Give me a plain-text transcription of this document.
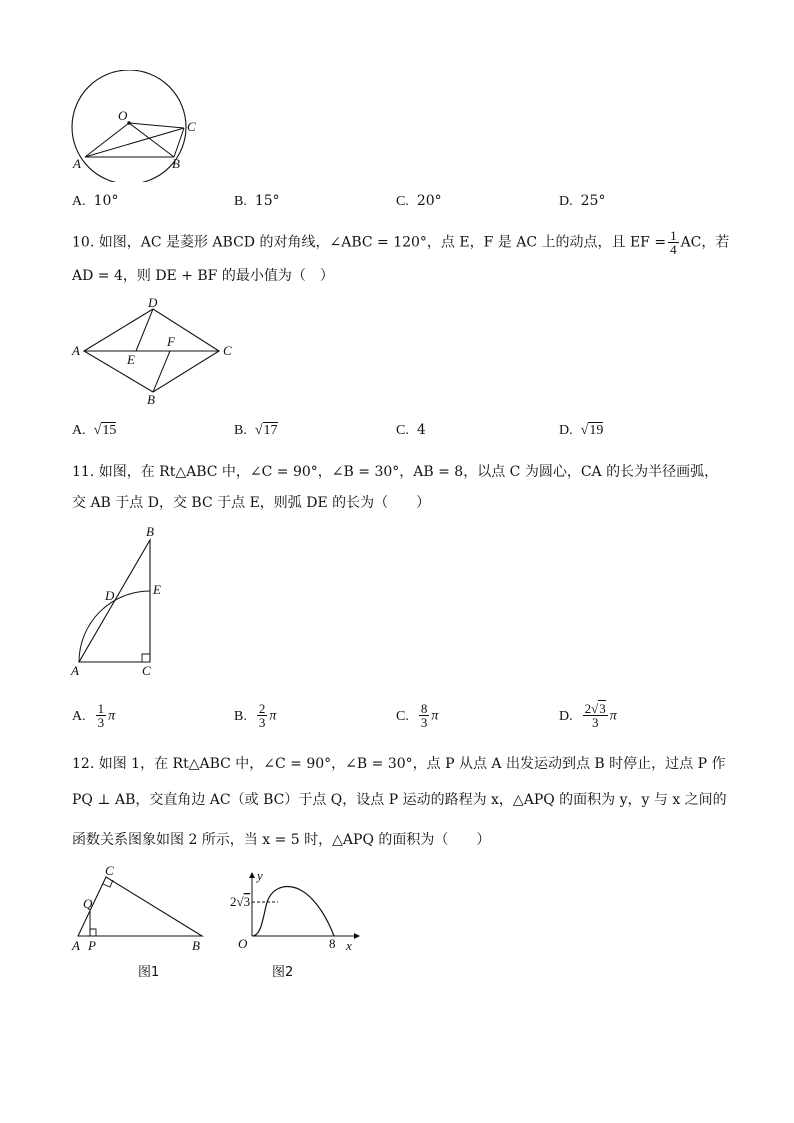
O
C
A	B
A. 10°	B. 15°	C. 20°	D. 25°
10. 如图，AC 是菱形 ABCD 的对角线，∠ABC = 120°，点 E，F 是 AC 上的动点，且 EF = $\frac{1}{4}$ AC，若
AD = 4，则 DE + BF 的最小值为（　）
D
A	C
B
E
F
A. √15	B. √17	C. 4	D. √19
11. 如图，在 Rt△ABC 中，∠C = 90°，∠B = 30°，AB = 8，以点 C 为圆心，CA 的长为半径画弧，
交 AB 于点 D，交 BC 于点 E，则弧 DE 的长为（　　）
B
E
D
A	C
A. $\frac{1}{3}$ π	B. $\frac{2}{3}$ π	C. $\frac{8}{3}$ π	D. $\frac{2√3}{3}$ π
12. 如图 1，在 Rt△ABC 中，∠C = 90°，∠B = 30°，点 P 从点 A 出发运动到点 B 时停止，过点 P 作
PQ ⊥ AB，交直角边 AC（或 BC）于点 Q，设点 P 运动的路程为 x，△APQ 的面积为 y，y 与 x 之间的
函数关系图象如图 2 所示，当 x = 5 时，△APQ 的面积为（　　）
C
Q
A P	B
图1
y
x
O	8
2√3
图2
